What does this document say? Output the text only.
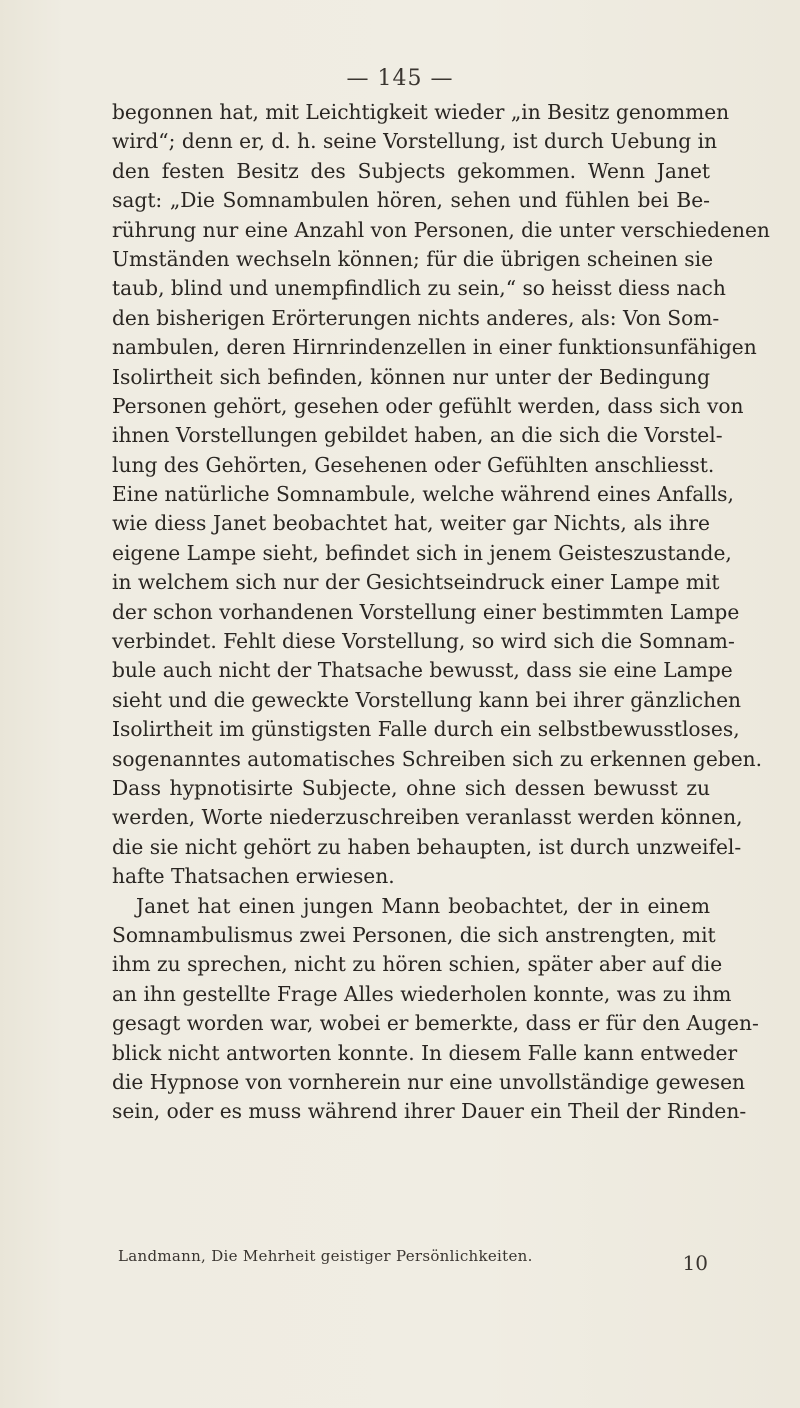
— 145 —
begonnen hat, mit Leichtigkeit wieder „in Besitz genommen
wird“; denn er, d. h. seine Vorstellung, ist durch Uebung in
den festen Besitz des Subjects gekommen. Wenn Janet
sagt: „Die Somnambulen hören, sehen und fühlen bei Be-
rührung nur eine Anzahl von Personen, die unter verschiedenen
Umständen wechseln können; für die übrigen scheinen sie
taub, blind und unempfindlich zu sein,“ so heisst diess nach
den bisherigen Erörterungen nichts anderes, als: Von Som-
nambulen, deren Hirnrindenzellen in einer funktionsunfähigen
Isolirtheit sich befinden, können nur unter der Bedingung
Personen gehört, gesehen oder gefühlt werden, dass sich von
ihnen Vorstellungen gebildet haben, an die sich die Vorstel-
lung des Gehörten, Gesehenen oder Gefühlten anschliesst.
Eine natürliche Somnambule, welche während eines Anfalls,
wie diess Janet beobachtet hat, weiter gar Nichts, als ihre
eigene Lampe sieht, befindet sich in jenem Geisteszustande,
in welchem sich nur der Gesichtseindruck einer Lampe mit
der schon vorhandenen Vorstellung einer bestimmten Lampe
verbindet. Fehlt diese Vorstellung, so wird sich die Somnam-
bule auch nicht der Thatsache bewusst, dass sie eine Lampe
sieht und die geweckte Vorstellung kann bei ihrer gänzlichen
Isolirtheit im günstigsten Falle durch ein selbstbewusstloses,
sogenanntes automatisches Schreiben sich zu erkennen geben.
Dass hypnotisirte Subjecte, ohne sich dessen bewusst zu
werden, Worte niederzuschreiben veranlasst werden können,
die sie nicht gehört zu haben behaupten, ist durch unzweifel-
hafte Thatsachen erwiesen.
Janet hat einen jungen Mann beobachtet, der in einem
Somnambulismus zwei Personen, die sich anstrengten, mit
ihm zu sprechen, nicht zu hören schien, später aber auf die
an ihn gestellte Frage Alles wiederholen konnte, was zu ihm
gesagt worden war, wobei er bemerkte, dass er für den Augen-
blick nicht antworten konnte. In diesem Falle kann entweder
die Hypnose von vornherein nur eine unvollständige gewesen
sein, oder es muss während ihrer Dauer ein Theil der Rinden-
Landmann, Die Mehrheit geistiger Persönlichkeiten.	10
